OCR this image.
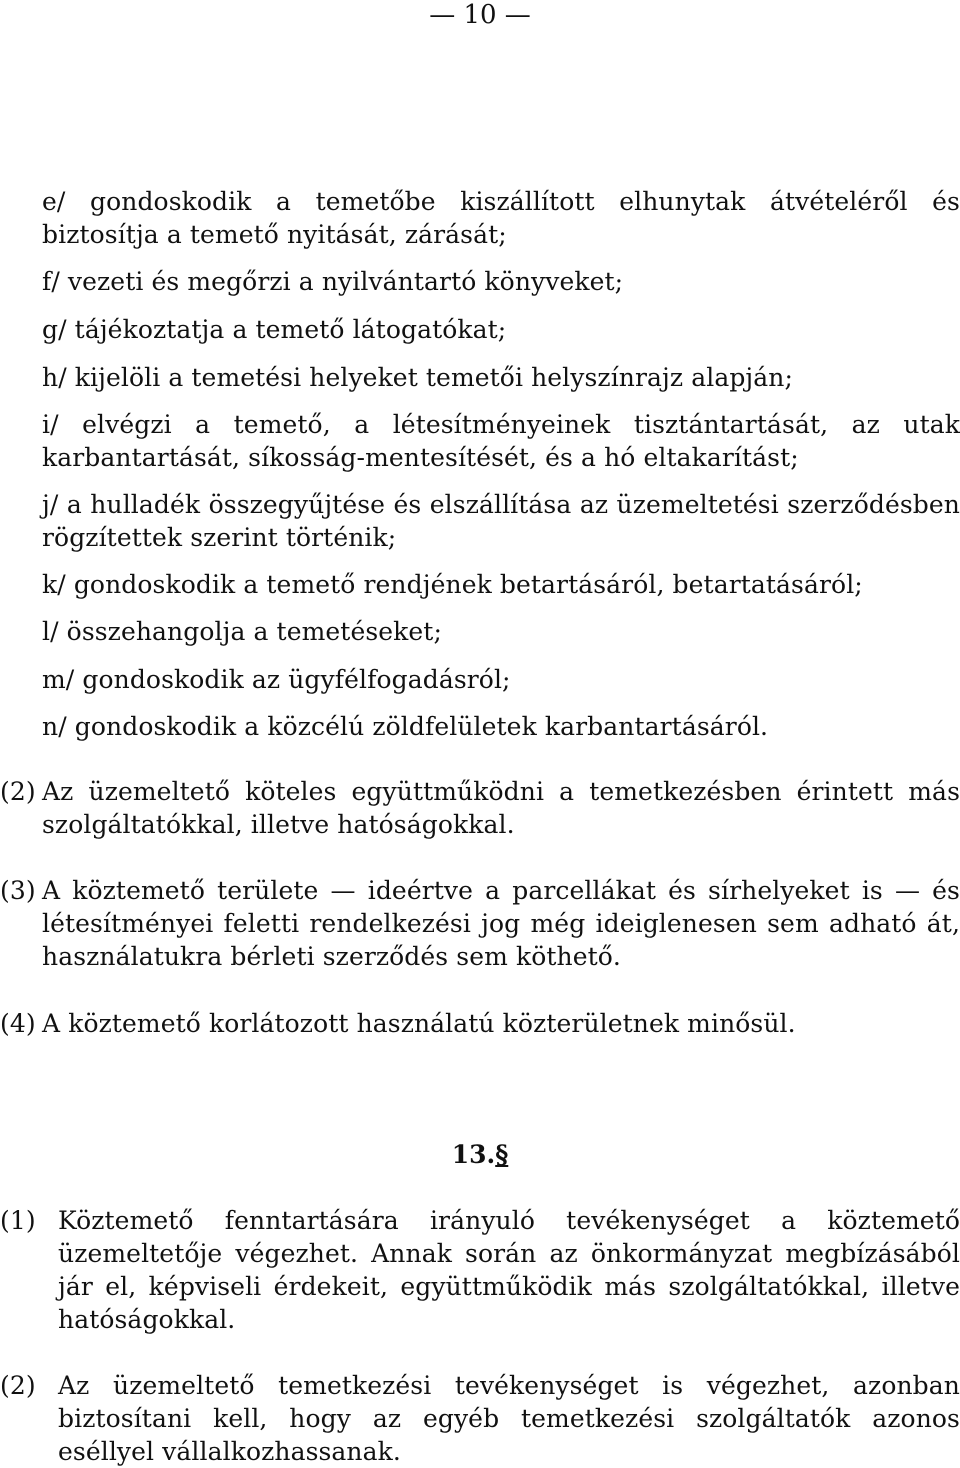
— 10 —
e/ gondoskodik a temetőbe kiszállított elhunytak átvételéről és biztosítja a temető nyitását, zárását;
f/ vezeti és megőrzi a nyilvántartó könyveket;
g/ tájékoztatja a temető látogatókat;
h/ kijelöli a temetési helyeket temetői helyszínrajz alapján;
i/ elvégzi a temető, a létesítményeinek tisztántartását, az utak karbantartását, síkosság-mentesítését, és a hó eltakarítást;
j/ a hulladék összegyűjtése és elszállítása az üzemeltetési szerződésben rögzítettek szerint történik;
k/ gondoskodik a temető rendjének betartásáról, betartatásáról;
l/ összehangolja a temetéseket;
m/ gondoskodik az ügyfélfogadásról;
n/ gondoskodik a közcélú zöldfelületek karbantartásáról.
(2) Az üzemeltető köteles együttműködni a temetkezésben érintett más szolgáltatókkal, illetve hatóságokkal.
(3) A köztemető területe — ideértve a parcellákat és sírhelyeket is — és létesítményei feletti rendelkezési jog még ideiglenesen sem adható át, használatukra bérleti szerződés sem köthető.
(4) A köztemető korlátozott használatú közterületnek minősül.
13.§
(1) Köztemető fenntartására irányuló tevékenységet a köztemető üzemeltetője végezhet. Annak során az önkormányzat megbízásából jár el, képviseli érdekeit, együttműködik más szolgáltatókkal, illetve hatóságokkal.
(2) Az üzemeltető temetkezési tevékenységet is végezhet, azonban biztosítani kell, hogy az egyéb temetkezési szolgáltatók azonos eséllyel vállalkozhassanak.
